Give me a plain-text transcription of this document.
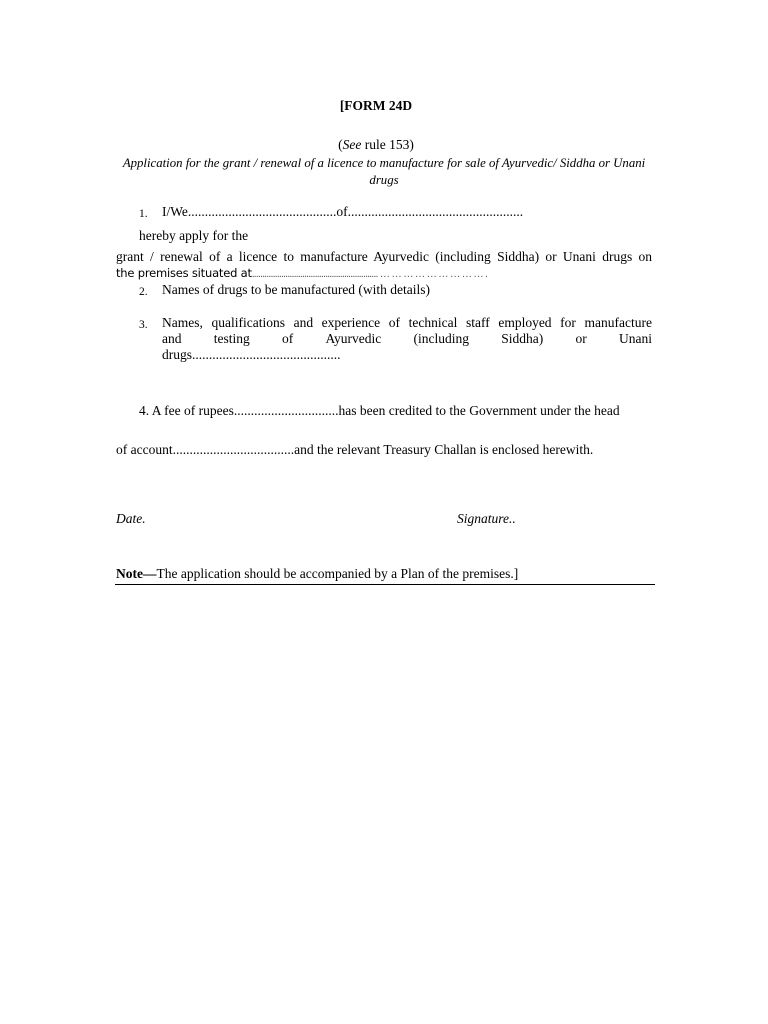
[FORM 24D
(See rule 153)
Application for the grant / renewal of a licence to manufacture for sale of Ayurvedic/ Siddha or Unani drugs
1. I/We............................................of....................................................
hereby apply for the
grant / renewal of a licence to manufacture Ayurvedic (including Siddha) or Unani drugs on
the premises situated at............................................................ … … … … … … … … … .
2. Names of drugs to be manufactured (with details)
3. Names, qualifications and experience of technical staff employed for manufacture
and testing of Ayurvedic (including Siddha) or Unani
drugs............................................
4. A fee of rupees...............................has been credited to the Government under the head
of account....................................and the relevant Treasury Challan is enclosed herewith.
Date.	Signature..
Note—The application should be accompanied by a Plan of the premises.]
